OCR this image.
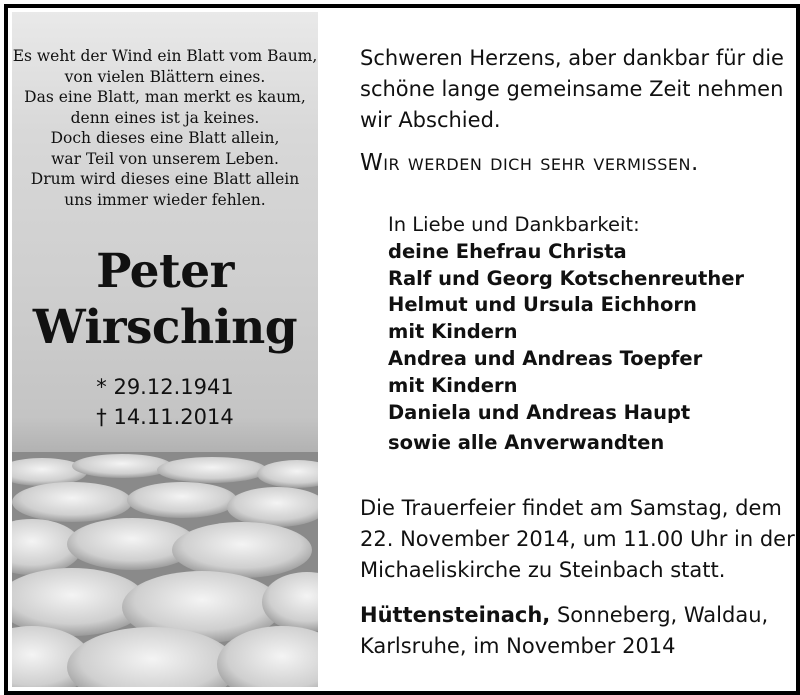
Es weht der Wind ein Blatt vom Baum,
von vielen Blättern eines.
Das eine Blatt, man merkt es kaum,
denn eines ist ja keines.
Doch dieses eine Blatt allein,
war Teil von unserem Leben.
Drum wird dieses eine Blatt allein
uns immer wieder fehlen.
Peter
Wirsching
* 29.12.1941
† 14.11.2014
Schweren Herzens, aber dankbar für die
schöne lange gemeinsame Zeit nehmen
wir Abschied.
Wir werden dich sehr vermissen.
In Liebe und Dankbarkeit:
deine Ehefrau Christa
Ralf und Georg Kotschenreuther
Helmut und Ursula Eichhorn
mit Kindern
Andrea und Andreas Toepfer
mit Kindern
Daniela und Andreas Haupt
sowie alle Anverwandten
Die Trauerfeier findet am Samstag, dem
22. November 2014, um 11.00 Uhr in der
Michaeliskirche zu Steinbach statt.
Hüttensteinach, Sonneberg, Waldau,
Karlsruhe, im November 2014
